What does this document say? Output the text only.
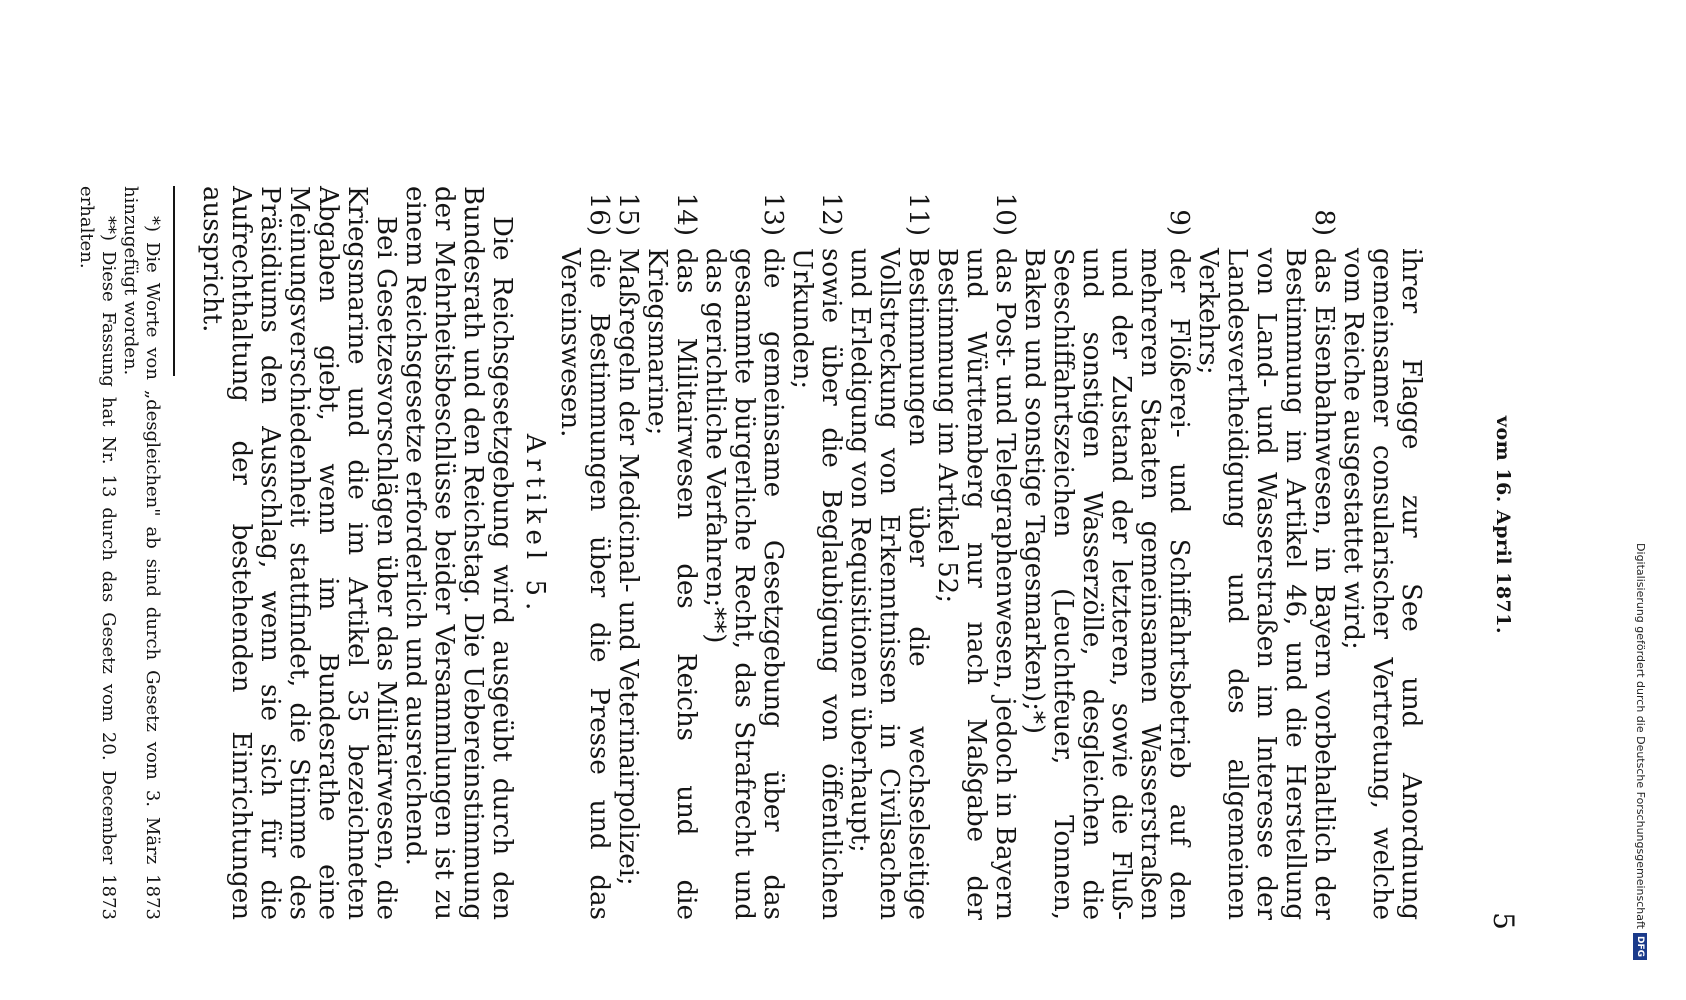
vom 16. April 1871.
5
ihrer Flagge zur See und Anordnung gemeinsamer consularischer Vertretung, welche vom Reiche ausgestattet wird;
8)
das Eisenbahnwesen, in Bayern vorbehaltlich der Bestimmung im Artikel 46, und die Herstellung von Land- und Wasserstraßen im Interesse der Landesvertheidigung und des allgemeinen Verkehrs;
9)
der Flößerei- und Schiffahrtsbetrieb auf den mehreren Staaten gemeinsamen Wasserstraßen und der Zustand der letzteren, sowie die Fluß- und sonstigen Wasserzölle, desgleichen die Seeschiffahrtszeichen (Leuchtfeuer, Tonnen, Baken und sonstige Tagesmarken);*)
10)
das Post- und Telegraphenwesen, jedoch in Bayern und Württemberg nur nach Maßgabe der Bestimmung im Artikel 52;
11)
Bestimmungen über die wechselseitige Vollstreckung von Erkenntnissen in Civilsachen und Erledigung von Requisitionen überhaupt;
12)
sowie über die Beglaubigung von öffentlichen Urkunden;
13)
die gemeinsame Gesetzgebung über das gesammte bürgerliche Recht, das Strafrecht und das gerichtliche Verfahren;**)
14)
das Militairwesen des Reichs und die Kriegsmarine;
15)
Maßregeln der Medicinal- und Veterinairpolizei;
16)
die Bestimmungen über die Presse und das Vereinswesen.
Artikel 5.

Die Reichsgesetzgebung wird ausgeübt durch den Bundesrath und den Reichstag. Die Uebereinstimmung der Mehrheitsbeschlüsse beider Versammlungen ist zu einem Reichsgesetze erforderlich und ausreichend.

Bei Gesetzesvorschlägen über das Militairwesen, die Kriegsmarine und die im Artikel 35 bezeichneten Abgaben giebt, wenn im Bundesrathe eine Meinungsverschiedenheit stattfindet, die Stimme des Präsidiums den Ausschlag, wenn sie sich für die Aufrechthaltung der bestehenden Einrichtungen ausspricht.

*) Die Worte von „desgleichen" ab sind durch Gesetz vom 3. März 1873 hinzugefügt worden.

**) Diese Fassung hat Nr. 13 durch das Gesetz vom 20. December 1873 erhalten.

Digitalisierung gefördert durch die Deutsche ForschungsgemeinschaftDFG
